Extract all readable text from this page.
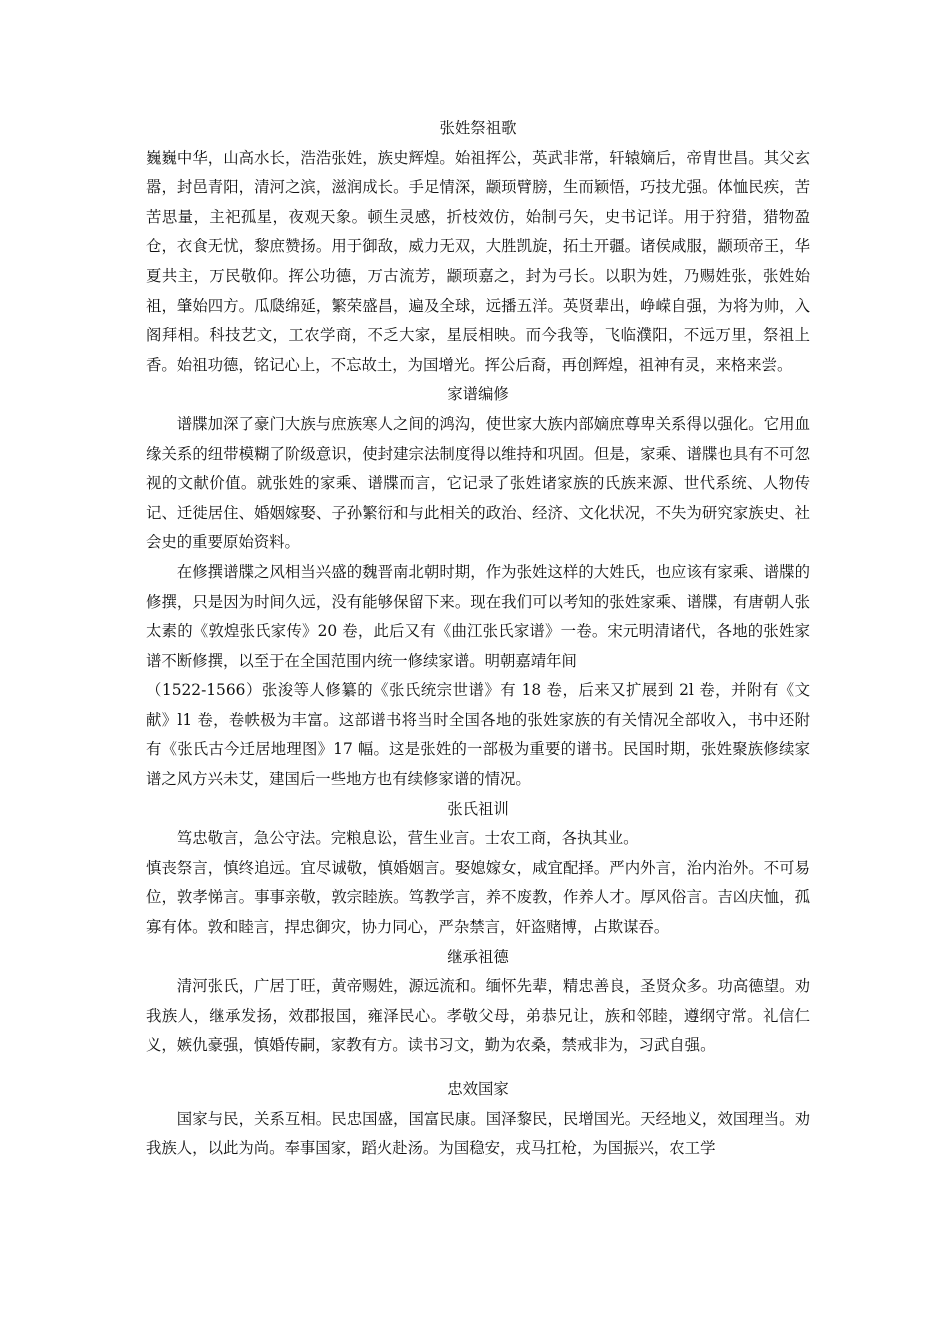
张姓祭祖歌

巍巍中华，山高水长，浩浩张姓，族史辉煌。始祖挥公，英武非常，轩辕嫡后，帝胄世昌。其父玄嚣，封邑青阳，清河之滨，滋润成长。手足情深，颛顼臂膀，生而颖悟，巧技尤强。体恤民疾，苦苦思量，主祀孤星，夜观天象。顿生灵感，折枝效仿，始制弓矢，史书记详。用于狩猎，猎物盈仓，衣食无忧，黎庶赞扬。用于御敌，威力无双，大胜凯旋，拓土开疆。诸侯咸服，颛顼帝王，华夏共主，万民敬仰。挥公功德，万古流芳，颛顼嘉之，封为弓长。以职为姓，乃赐姓张，张姓始祖，肇始四方。瓜瓞绵延，繁荣盛昌，遍及全球，远播五洋。英贤辈出，峥嵘自强，为将为帅，入阁拜相。科技艺文，工农学商，不乏大家，星辰相映。而今我等，飞临濮阳，不远万里，祭祖上香。始祖功德，铭记心上，不忘故土，为国增光。挥公后裔，再创辉煌，祖神有灵，来格来尝。

家谱编修

谱牒加深了豪门大族与庶族寒人之间的鸿沟，使世家大族内部嫡庶尊卑关系得以强化。它用血缘关系的纽带模糊了阶级意识，使封建宗法制度得以维持和巩固。但是，家乘、谱牒也具有不可忽视的文献价值。就张姓的家乘、谱牒而言，它记录了张姓诸家族的氏族来源、世代系统、人物传记、迁徙居住、婚姻嫁娶、子孙繁衍和与此相关的政治、经济、文化状况，不失为研究家族史、社会史的重要原始资料。

在修撰谱牒之风相当兴盛的魏晋南北朝时期，作为张姓这样的大姓氏，也应该有家乘、谱牒的修撰，只是因为时间久远，没有能够保留下来。现在我们可以考知的张姓家乘、谱牒，有唐朝人张太素的《敦煌张氏家传》20 卷，此后又有《曲江张氏家谱》一卷。宋元明清诸代，各地的张姓家谱不断修撰，以至于在全国范围内统一修续家谱。明朝嘉靖年间

（1522-1566）张浚等人修纂的《张氏统宗世谱》有 18 卷，后来又扩展到 2l 卷，并附有《文献》l1 卷，卷帙极为丰富。这部谱书将当时全国各地的张姓家族的有关情况全部收入，书中还附有《张氏古今迁居地理图》17 幅。这是张姓的一部极为重要的谱书。民国时期，张姓聚族修续家谱之风方兴未艾，建国后一些地方也有续修家谱的情况。

张氏祖训

笃忠敬言，急公守法。完粮息讼，营生业言。士农工商，各执其业。

慎丧祭言，慎终追远。宜尽诚敬，慎婚姻言。娶媳嫁女，咸宜配择。严内外言，治内治外。不可易位，敦孝悌言。事事亲敬，敦宗睦族。笃教学言，养不废教，作养人才。厚风俗言。吉凶庆恤，孤寡有体。敦和睦言，捍忠御灾，协力同心，严杂禁言，奸盗赌博，占欺谋吞。

继承祖德

清河张氏，广居丁旺，黄帝赐姓，源远流和。缅怀先辈，精忠善良，圣贤众多。功高德望。劝我族人，继承发扬，效郡报国，雍泽民心。孝敬父母，弟恭兄让，族和邻睦，遵纲守常。礼信仁义，嫉仇豪强，慎婚传嗣，家教有方。读书习文，勤为农桑，禁戒非为，习武自强。

忠效国家

国家与民，关系互相。民忠国盛，国富民康。国泽黎民，民增国光。天经地义，效国理当。劝我族人，以此为尚。奉事国家，蹈火赴汤。为国稳安，戎马扛枪，为国振兴，农工学
